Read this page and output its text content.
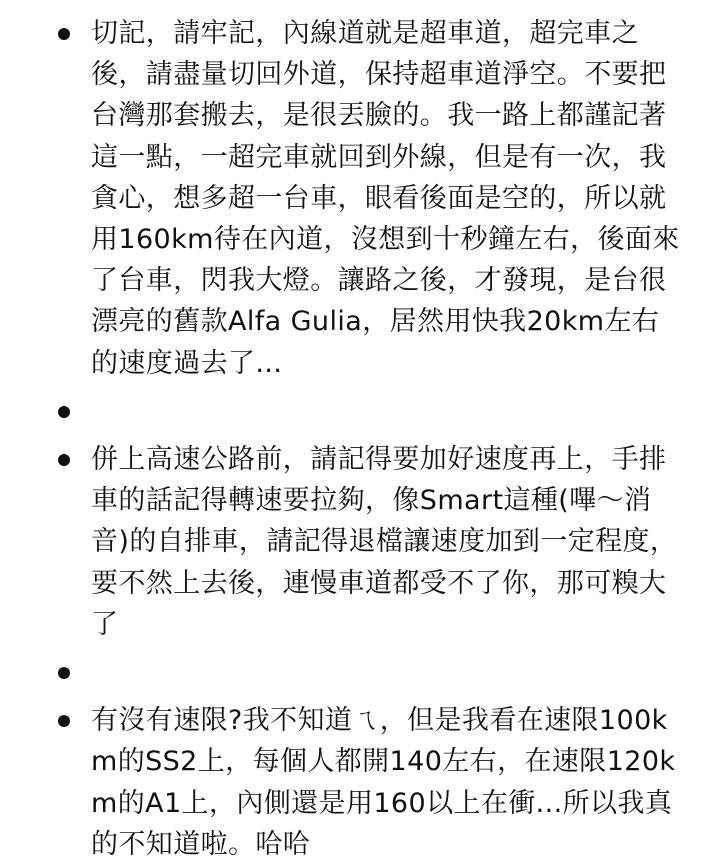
切記，請牢記，內線道就是超車道，超完車之後，請盡量切回外道，保持超車道淨空。不要把台灣那套搬去，是很丟臉的。我一路上都謹記著這一點，一超完車就回到外線，但是有一次，我貪心，想多超一台車，眼看後面是空的，所以就用160km待在內道，沒想到十秒鐘左右，後面來了台車，閃我大燈。讓路之後，才發現，是台很漂亮的舊款Alfa Gulia，居然用快我20km左右的速度過去了...
併上高速公路前，請記得要加好速度再上，手排車的話記得轉速要拉夠，像Smart這種(嗶～消音)的自排車，請記得退檔讓速度加到一定程度，要不然上去後，連慢車道都受不了你，那可糗大了
有沒有速限?我不知道ㄟ，但是我看在速限100km的SS2上，每個人都開140左右，在速限120km的A1上，內側還是用160以上在衝...所以我真的不知道啦。哈哈
